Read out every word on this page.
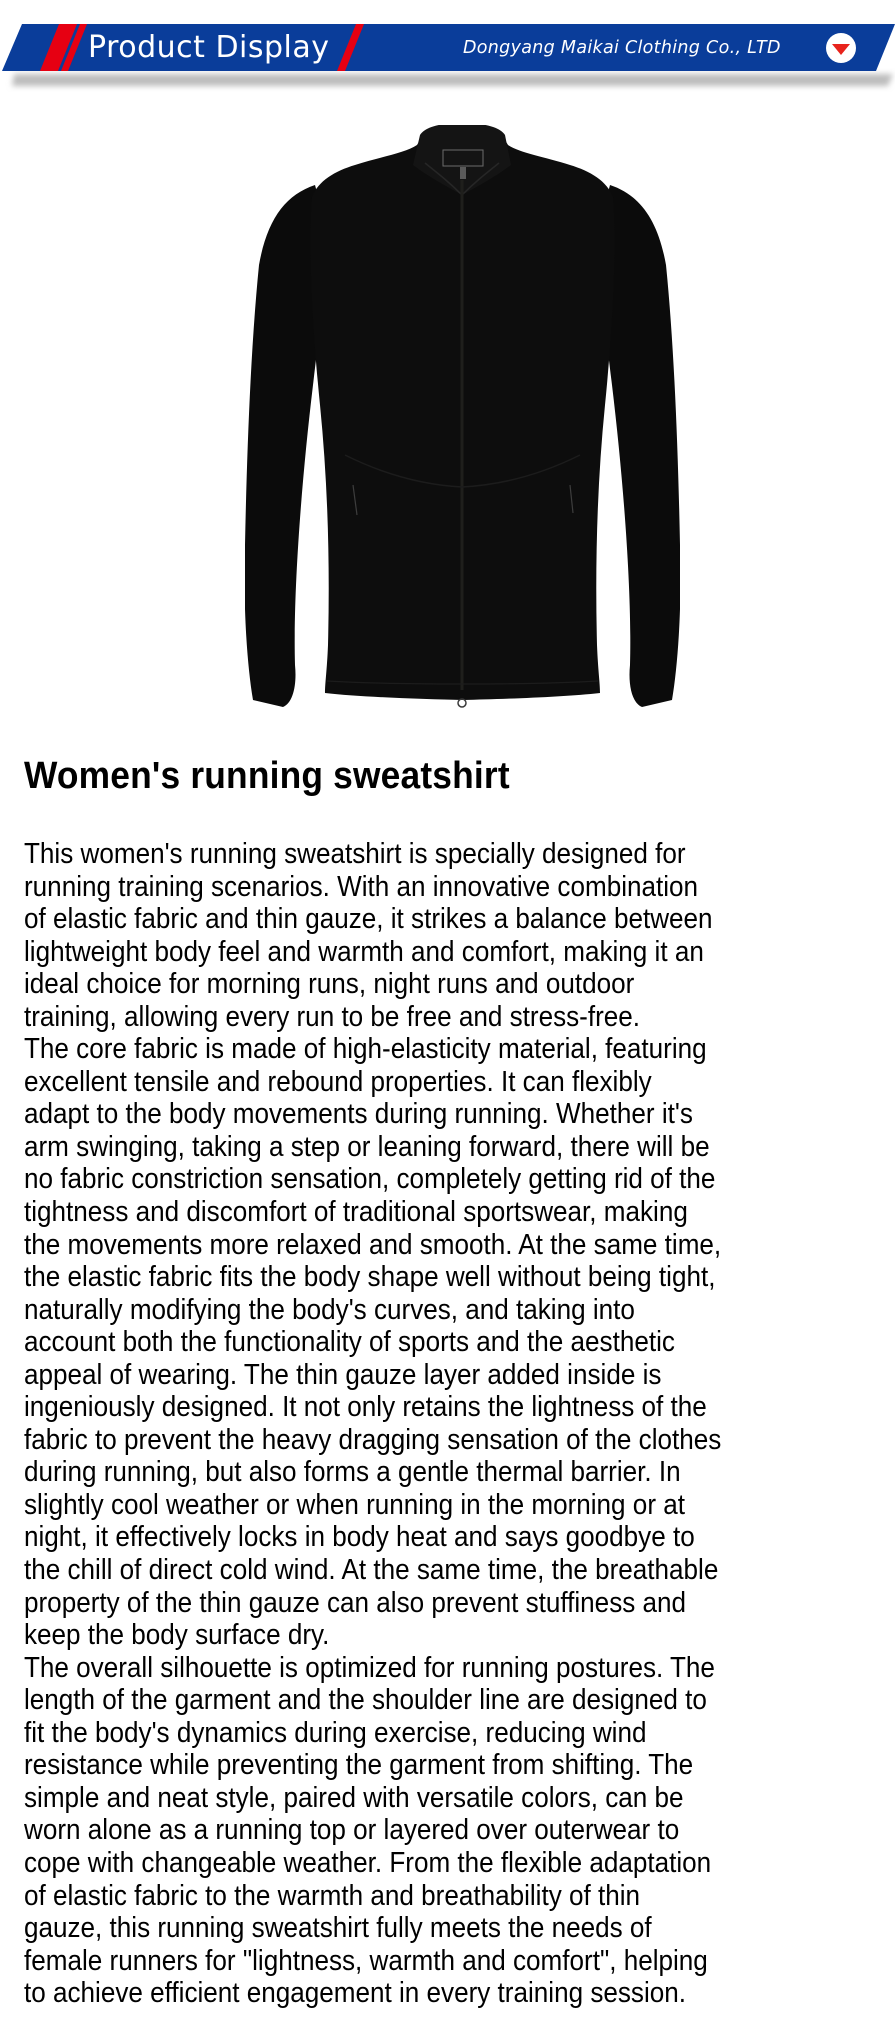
Product Display	Dongyang Maikai Clothing Co., LTD
Women's running sweatshirt
This women's running sweatshirt is specially designed for
running training scenarios. With an innovative combination
of elastic fabric and thin gauze, it strikes a balance between
lightweight body feel and warmth and comfort, making it an
ideal choice for morning runs, night runs and outdoor
training, allowing every run to be free and stress-free.
The core fabric is made of high-elasticity material, featuring
excellent tensile and rebound properties. It can flexibly
adapt to the body movements during running. Whether it's
arm swinging, taking a step or leaning forward, there will be
no fabric constriction sensation, completely getting rid of the
tightness and discomfort of traditional sportswear, making
the movements more relaxed and smooth. At the same time,
the elastic fabric fits the body shape well without being tight,
naturally modifying the body's curves, and taking into
account both the functionality of sports and the aesthetic
appeal of wearing. The thin gauze layer added inside is
ingeniously designed. It not only retains the lightness of the
fabric to prevent the heavy dragging sensation of the clothes
during running, but also forms a gentle thermal barrier. In
slightly cool weather or when running in the morning or at
night, it effectively locks in body heat and says goodbye to
the chill of direct cold wind. At the same time, the breathable
property of the thin gauze can also prevent stuffiness and
keep the body surface dry.
The overall silhouette is optimized for running postures. The
length of the garment and the shoulder line are designed to
fit the body's dynamics during exercise, reducing wind
resistance while preventing the garment from shifting. The
simple and neat style, paired with versatile colors, can be
worn alone as a running top or layered over outerwear to
cope with changeable weather. From the flexible adaptation
of elastic fabric to the warmth and breathability of thin
gauze, this running sweatshirt fully meets the needs of
female runners for "lightness, warmth and comfort", helping
to achieve efficient engagement in every training session.
